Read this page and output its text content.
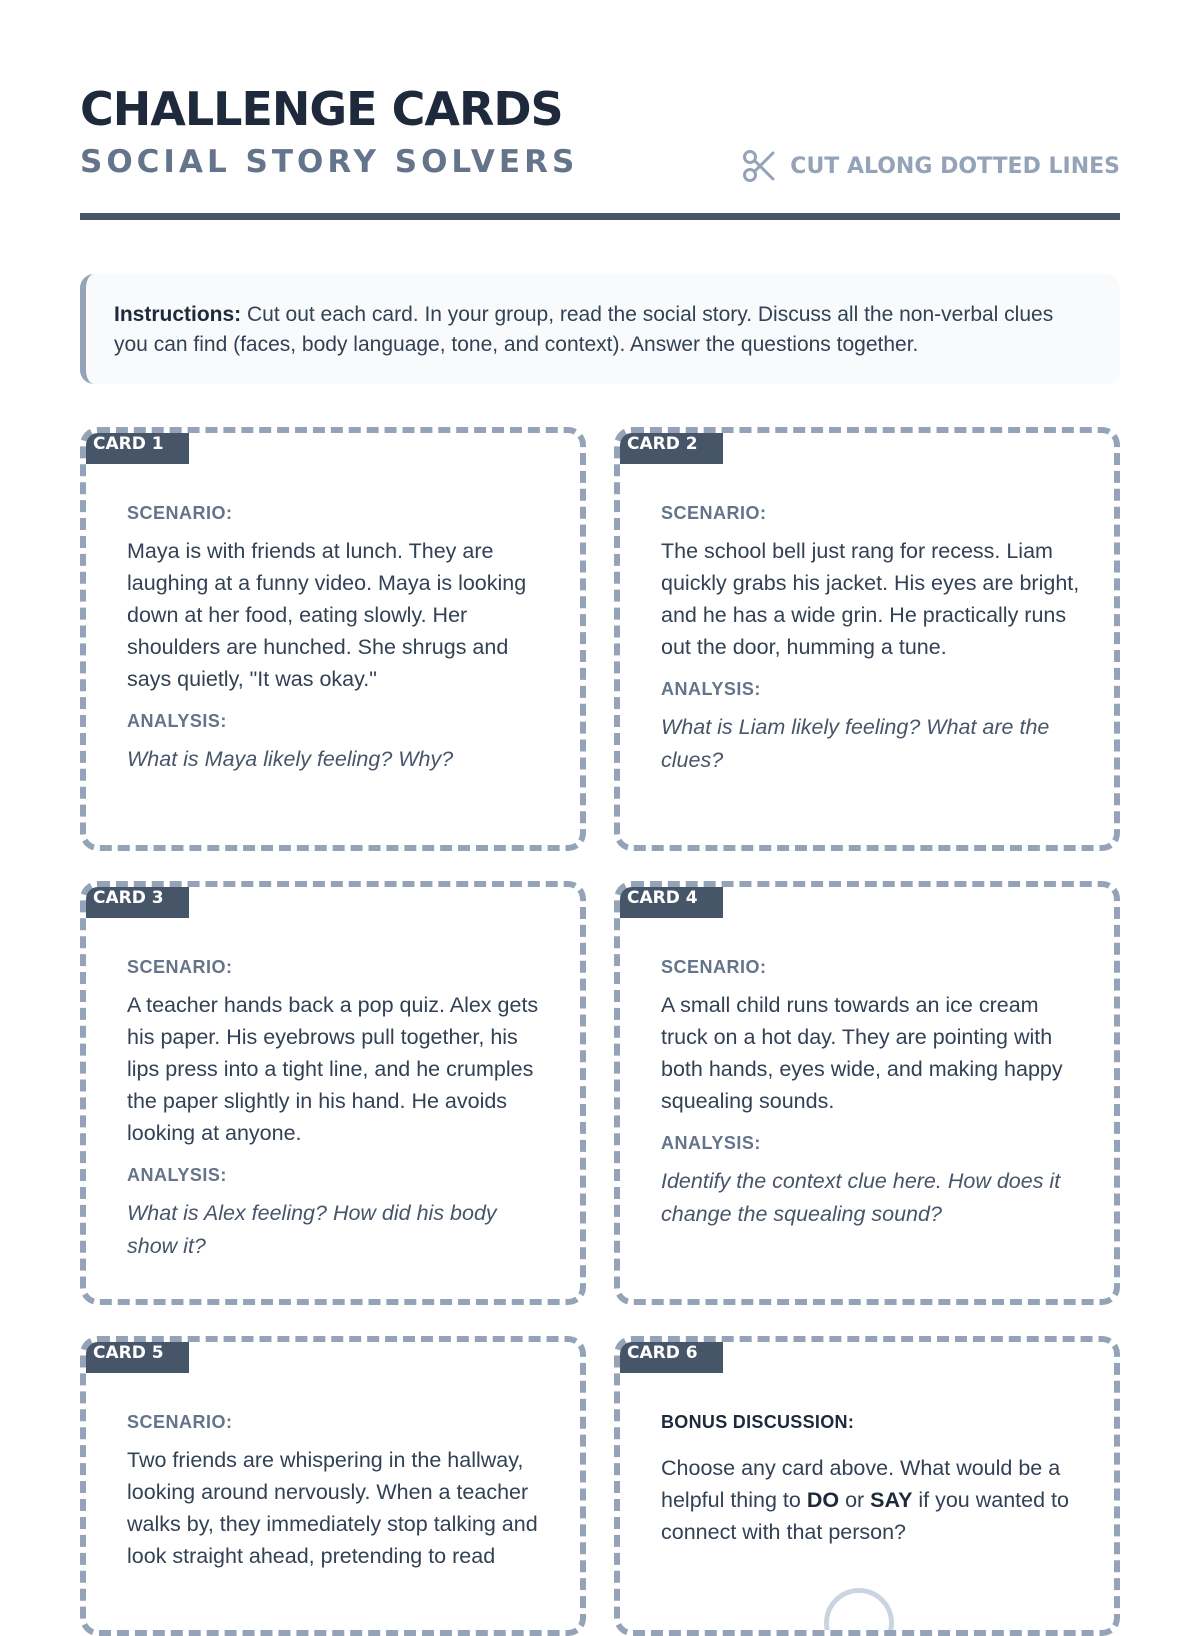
CHALLENGE CARDS
SOCIAL STORY SOLVERS	CUT ALONG DOTTED LINES
Instructions: Cut out each card. In your group, read the social story. Discuss all the non-verbal clues you can find (faces, body language, tone, and context). Answer the questions together.
CARD 1
SCENARIO:

Maya is with friends at lunch. They are laughing at a funny video. Maya is looking down at her food, eating slowly. Her shoulders are hunched. She shrugs and says quietly, "It was okay."

ANALYSIS:

What is Maya likely feeling? Why?

CARD 2
SCENARIO:

The school bell just rang for recess. Liam quickly grabs his jacket. His eyes are bright, and he has a wide grin. He practically runs out the door, humming a tune.

ANALYSIS:

What is Liam likely feeling? What are the clues?

CARD 3
SCENARIO:

A teacher hands back a pop quiz. Alex gets his paper. His eyebrows pull together, his lips press into a tight line, and he crumples the paper slightly in his hand. He avoids looking at anyone.

ANALYSIS:

What is Alex feeling? How did his body show it?

CARD 4
SCENARIO:

A small child runs towards an ice cream truck on a hot day. They are pointing with both hands, eyes wide, and making happy squealing sounds.

ANALYSIS:

Identify the context clue here. How does it change the squealing sound?

CARD 5
SCENARIO:

Two friends are whispering in the hallway, looking around nervously. When a teacher walks by, they immediately stop talking and look straight ahead, pretending to read

CARD 6
BONUS DISCUSSION:

Choose any card above. What would be a helpful thing to DO or SAY if you wanted to connect with that person?
